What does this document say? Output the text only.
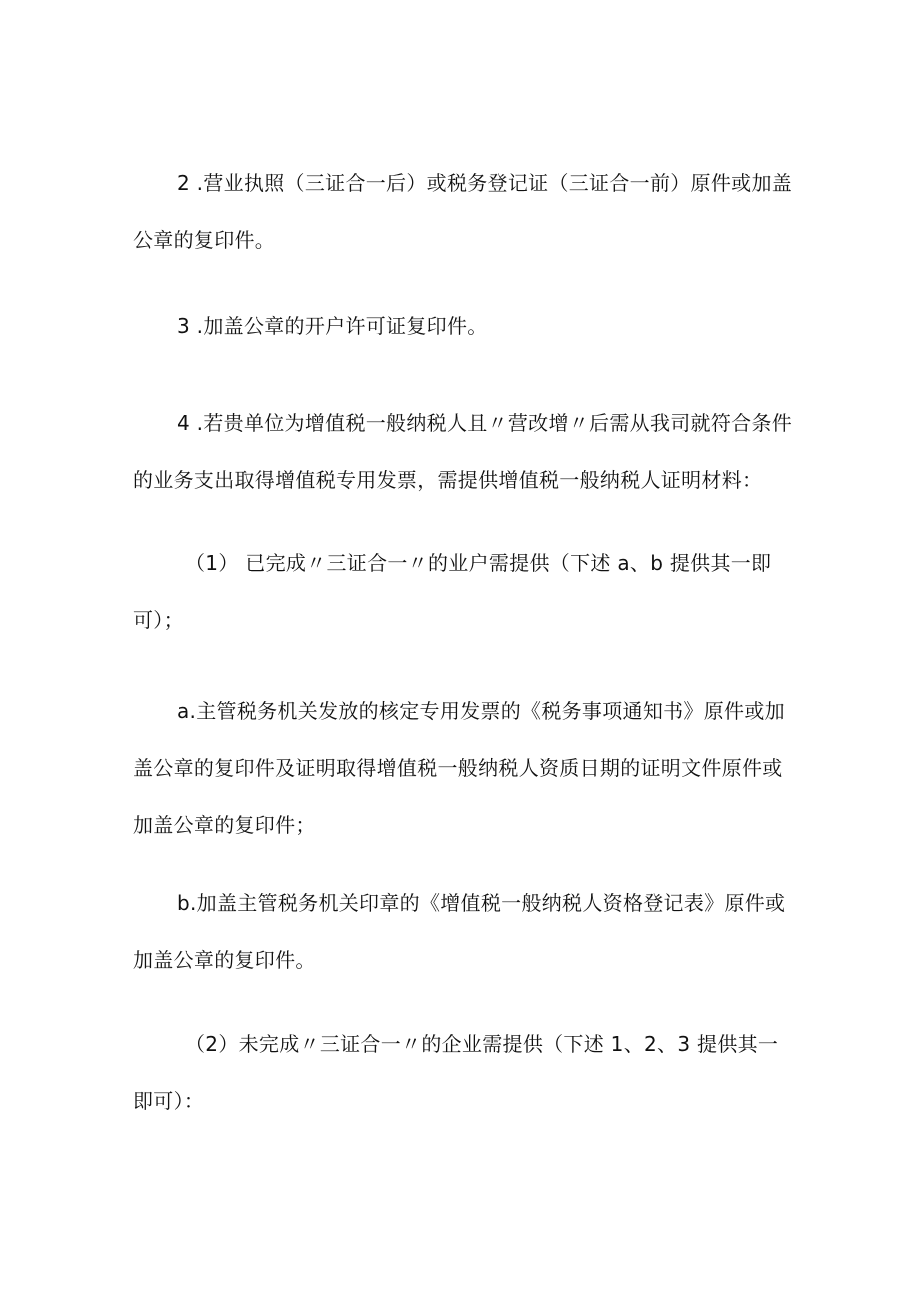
2 .营业执照（三证合一后）或税务登记证（三证合一前）原件或加盖公章的复印件。

3 .加盖公章的开户许可证复印件。

4 .若贵单位为增值税一般纳税人且〃营改增〃后需从我司就符合条件的业务支出取得增值税专用发票，需提供增值税一般纳税人证明材料：

（1） 已完成〃三证合一〃的业户需提供（下述 a、b 提供其一即可）；

a.主管税务机关发放的核定专用发票的《税务事项通知书》原件或加盖公章的复印件及证明取得增值税一般纳税人资质日期的证明文件原件或加盖公章的复印件；

b.加盖主管税务机关印章的《增值税一般纳税人资格登记表》原件或加盖公章的复印件。

（2）未完成〃三证合一〃的企业需提供（下述 1、2、3 提供其一即可）：
